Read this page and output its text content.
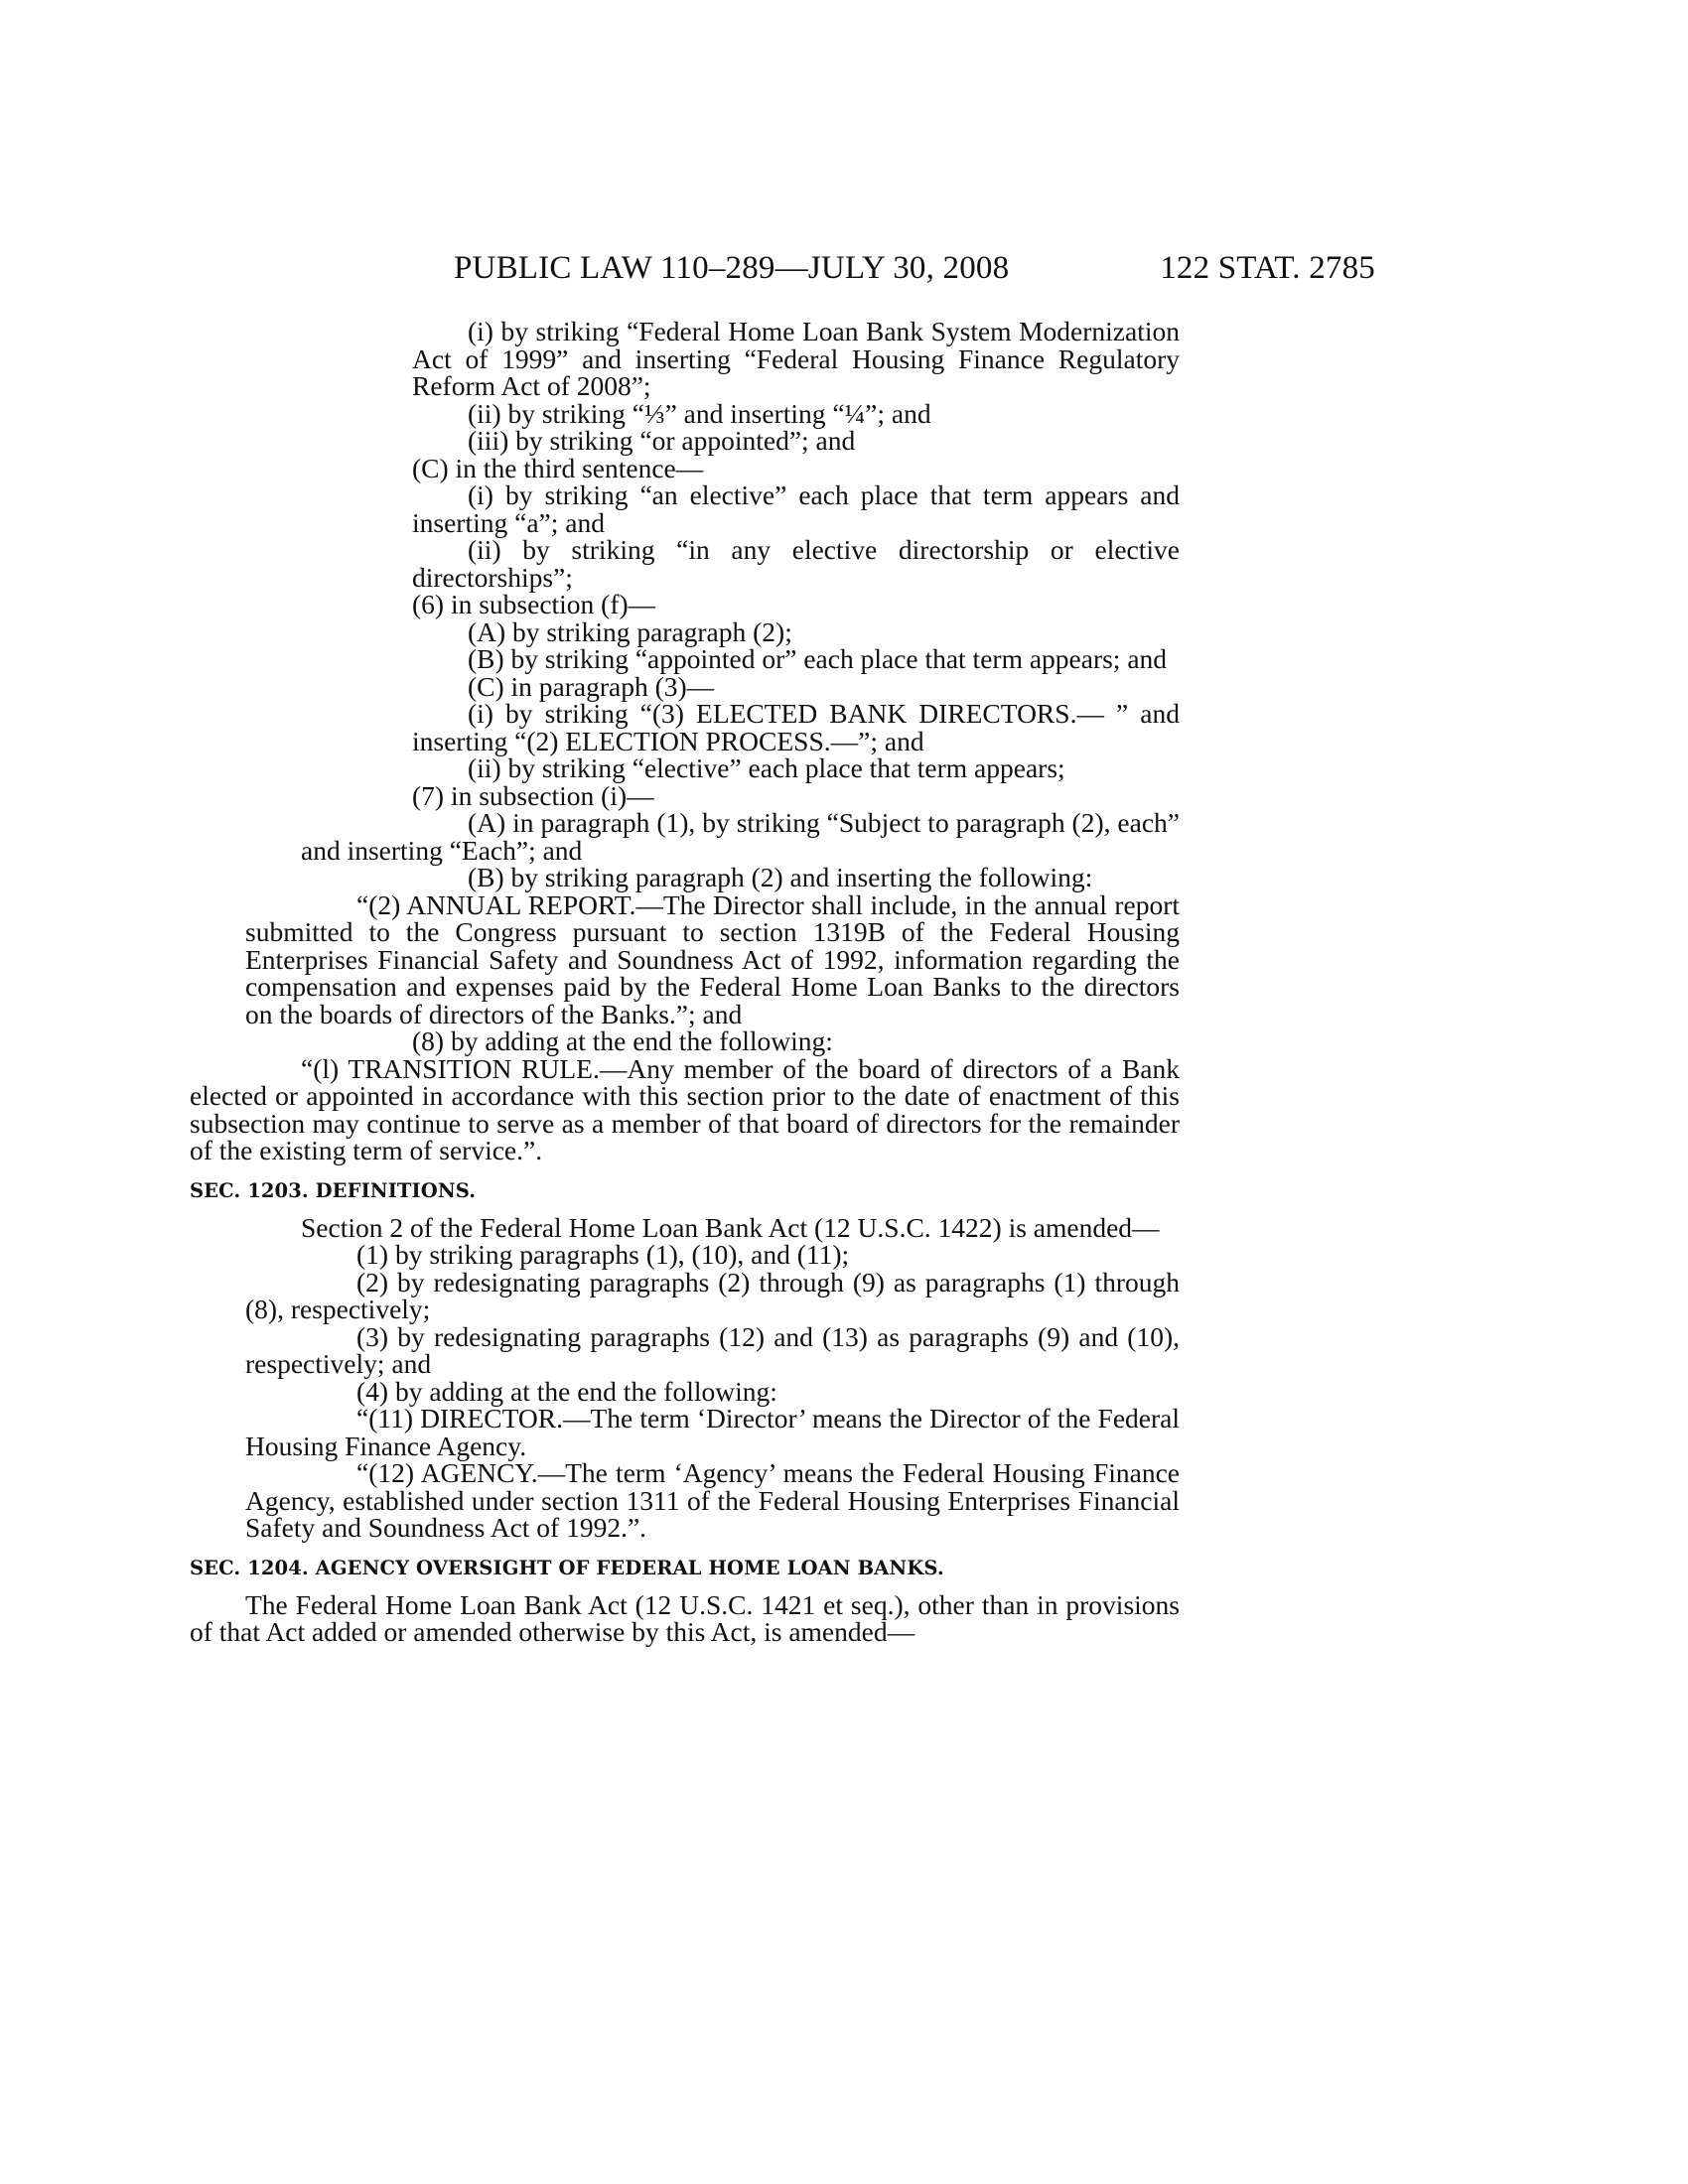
PUBLIC LAW 110–289—JULY 30, 2008	122 STAT. 2785

(i) by striking “Federal Home Loan Bank System Modernization Act of 1999” and inserting “Federal Housing Finance Regulatory Reform Act of 2008”;

(ii) by striking “⅓” and inserting “¼”; and

(iii) by striking “or appointed”; and

(C) in the third sentence—

(i) by striking “an elective” each place that term appears and inserting “a”; and

(ii) by striking “in any elective directorship or elective directorships”;

(6) in subsection (f)—

(A) by striking paragraph (2);

(B) by striking “appointed or” each place that term appears; and

(C) in paragraph (3)—

(i) by striking “(3) ELECTED BANK DIRECTORS.— ” and inserting “(2) ELECTION PROCESS.—”; and

(ii) by striking “elective” each place that term appears;

(7) in subsection (i)—

(A) in paragraph (1), by striking “Subject to paragraph (2), each” and inserting “Each”; and

(B) by striking paragraph (2) and inserting the following:

“(2) ANNUAL REPORT.—The Director shall include, in the annual report submitted to the Congress pursuant to section 1319B of the Federal Housing Enterprises Financial Safety and Soundness Act of 1992, information regarding the compensation and expenses paid by the Federal Home Loan Banks to the directors on the boards of directors of the Banks.”; and

(8) by adding at the end the following:

“(l) TRANSITION RULE.—Any member of the board of directors of a Bank elected or appointed in accordance with this section prior to the date of enactment of this subsection may continue to serve as a member of that board of directors for the remainder of the existing term of service.”.

SEC. 1203. DEFINITIONS.

Section 2 of the Federal Home Loan Bank Act (12 U.S.C. 1422) is amended—

(1) by striking paragraphs (1), (10), and (11);

(2) by redesignating paragraphs (2) through (9) as paragraphs (1) through (8), respectively;

(3) by redesignating paragraphs (12) and (13) as paragraphs (9) and (10), respectively; and

(4) by adding at the end the following:

“(11) DIRECTOR.—The term ‘Director’ means the Director of the Federal Housing Finance Agency.

“(12) AGENCY.—The term ‘Agency’ means the Federal Housing Finance Agency, established under section 1311 of the Federal Housing Enterprises Financial Safety and Soundness Act of 1992.”.

SEC. 1204. AGENCY OVERSIGHT OF FEDERAL HOME LOAN BANKS.

The Federal Home Loan Bank Act (12 U.S.C. 1421 et seq.), other than in provisions of that Act added or amended otherwise by this Act, is amended—
